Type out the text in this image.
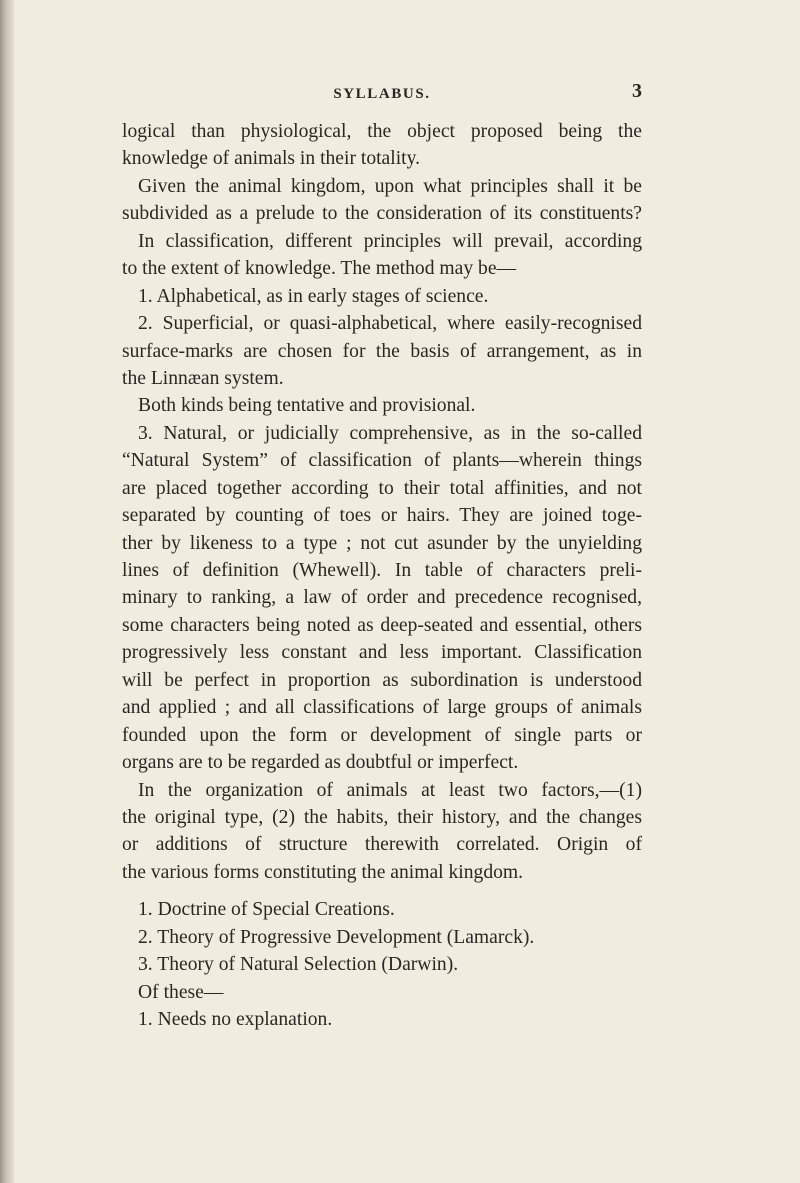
SYLLABUS.	3
logical than physiological, the object proposed being the
knowledge of animals in their totality.
Given the animal kingdom, upon what principles shall it be
subdivided as a prelude to the consideration of its constituents?
In classification, different principles will prevail, according
to the extent of knowledge. The method may be—
1. Alphabetical, as in early stages of science.
2. Superficial, or quasi-alphabetical, where easily-recognised
surface-marks are chosen for the basis of arrangement, as in
the Linnæan system.
Both kinds being tentative and provisional.
3. Natural, or judicially comprehensive, as in the so-called
“Natural System” of classification of plants—wherein things
are placed together according to their total affinities, and not
separated by counting of toes or hairs. They are joined toge-
ther by likeness to a type ; not cut asunder by the unyielding
lines of definition (Whewell). In table of characters preli-
minary to ranking, a law of order and precedence recognised,
some characters being noted as deep-seated and essential, others
progressively less constant and less important. Classification
will be perfect in proportion as subordination is understood
and applied ; and all classifications of large groups of animals
founded upon the form or development of single parts or
organs are to be regarded as doubtful or imperfect.
In the organization of animals at least two factors,—(1)
the original type, (2) the habits, their history, and the changes
or additions of structure therewith correlated. Origin of
the various forms constituting the animal kingdom.
1. Doctrine of Special Creations.
2. Theory of Progressive Development (Lamarck).
3. Theory of Natural Selection (Darwin).
Of these—
1. Needs no explanation.
